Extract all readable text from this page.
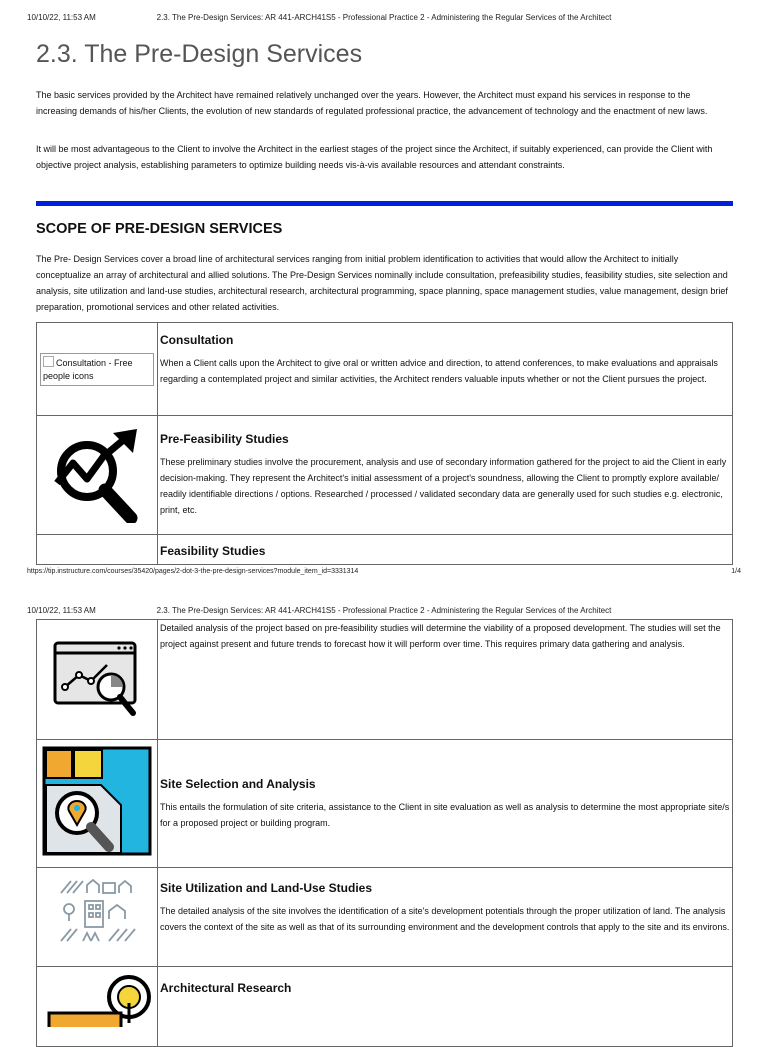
10/10/22, 11:53 AM	2.3. The Pre-Design Services: AR 441-ARCH41S5 - Professional Practice 2 - Administering the Regular Services of the Architect
2.3. The Pre-Design Services

The basic services provided by the Architect have remained relatively unchanged over the years. However, the Architect must expand his services in response to the increasing demands of his/her Clients, the evolution of new standards of regulated professional practice, the advancement of technology and the enactment of new laws.

It will be most advantageous to the Client to involve the Architect in the earliest stages of the project since the Architect, if suitably experienced, can provide the Client with objective project analysis, establishing parameters to optimize building needs vis-à-vis available resources and attendant constraints.

SCOPE OF PRE-DESIGN SERVICES

The Pre- Design Services cover a broad line of architectural services ranging from initial problem identification to activities that would allow the Architect to initially conceptualize an array of architectural and allied solutions. The Pre-Design Services nominally include consultation, prefeasibility studies, feasibility studies, site selection and analysis, site utilization and land-use studies, architectural research, architectural programming, space planning, space management studies, value management, design brief preparation, promotional services and other related activities.

Consultation - Free people icons	Consultation

When a Client calls upon the Architect to give oral or written advice and direction, to attend conferences, to make evaluations and appraisals regarding a contemplated project and similar activities, the Architect renders valuable inputs whether or not the Client pursues the project.

Pre-Feasibility Studies

These preliminary studies involve the procurement, analysis and use of secondary information gathered for the project to aid the Client in early decision-making. They represent the Architect's initial assessment of a project's soundness, allowing the Client to promptly explore available/ readily identifiable directions / options. Researched / processed / validated secondary data are generally used for such studies e.g. electronic, print, etc.

	Feasibility Studies

https://tip.instructure.com/courses/35420/pages/2-dot-3-the-pre-design-services?module_item_id=3331314	1/4
10/10/22, 11:53 AM	2.3. The Pre-Design Services: AR 441-ARCH41S5 - Professional Practice 2 - Administering the Regular Services of the Architect

Detailed analysis of the project based on pre-feasibility studies will determine the viability of a proposed development. The studies will set the project against present and future trends to forecast how it will perform over time. This requires primary data gathering and analysis.

Site Selection and Analysis

This entails the formulation of site criteria, assistance to the Client in site evaluation as well as analysis to determine the most appropriate site/s for a proposed project or building program.

Site Utilization and Land-Use Studies

The detailed analysis of the site involves the identification of a site's development potentials through the proper utilization of land. The analysis covers the context of the site as well as that of its surrounding environment and the development controls that apply to the site and its environs.

Architectural Research
